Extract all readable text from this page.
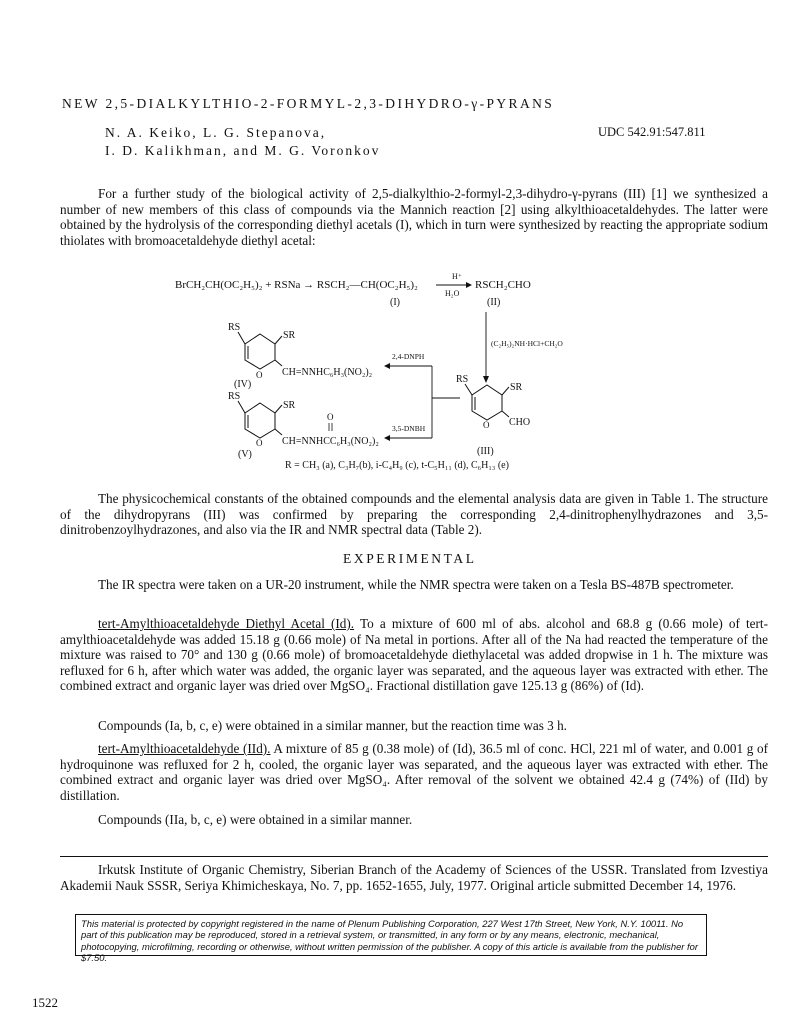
NEW 2,5-DIALKYLTHIO-2-FORMYL-2,3-DIHYDRO-γ-PYRANS
N. A. Keiko, L. G. Stepanova,
I. D. Kalikhman, and M. G. Voronkov
UDC 542.91:547.811

For a further study of the biological activity of 2,5-dialkylthio-2-formyl-2,3-dihydro-γ-pyrans (III) [1] we synthesized a number of new members of this class of compounds via the Mannich reaction [2] using alkylthioacetaldehydes. The latter were obtained by the hydrolysis of the corresponding diethyl acetals (I), which in turn were synthesized by reacting the appropriate sodium thiolates with bromoacetaldehyde diethyl acetal:

BrCH₂CH(OC₂H₅)₂ + RSNa → RSCH₂—CH(OC₂H₅)₂
H⁺
H₂O
RSCH₂CHO
(I)	(II)
(C₂H₅)₂NH·HCl+CH₂O
RS
SR
O CH=NNHC₆H₃(NO₂)₂
(IV)
2,4-DNPH
RS
SR
O
O CH=NNHCC₆H₃(NO₂)₂
(V)
3,5-DNBH
RS
SR
O CHO
(III)
R = CH₃ (a), C₃H₇(b), i-C₄H₉ (c), t-C₅H₁₁ (d), C₆H₁₃ (e)

The physicochemical constants of the obtained compounds and the elemental analysis data are given in Table 1. The structure of the dihydropyrans (III) was confirmed by preparing the corresponding 2,4-dinitrophenylhydrazones and 3,5-dinitrobenzoylhydrazones, and also via the IR and NMR spectral data (Table 2).

EXPERIMENTAL

The IR spectra were taken on a UR-20 instrument, while the NMR spectra were taken on a Tesla BS-487B spectrometer.

tert-Amylthioacetaldehyde Diethyl Acetal (Id). To a mixture of 600 ml of abs. alcohol and 68.8 g (0.66 mole) of tert-amylthioacetaldehyde was added 15.18 g (0.66 mole) of Na metal in portions. After all of the Na had reacted the temperature of the mixture was raised to 70° and 130 g (0.66 mole) of bromoacetaldehyde diethylacetal was added dropwise in 1 h. The mixture was refluxed for 6 h, after which water was added, the organic layer was separated, and the aqueous layer was extracted with ether. The combined extract and organic layer was dried over MgSO₄. Fractional distillation gave 125.13 g (86%) of (Id).

Compounds (Ia, b, c, e) were obtained in a similar manner, but the reaction time was 3 h.

tert-Amylthioacetaldehyde (IId). A mixture of 85 g (0.38 mole) of (Id), 36.5 ml of conc. HCl, 221 ml of water, and 0.001 g of hydroquinone was refluxed for 2 h, cooled, the organic layer was separated, and the aqueous layer was extracted with ether. The combined extract and organic layer was dried over MgSO₄. After removal of the solvent we obtained 42.4 g (74%) of (IId) by distillation.

Compounds (IIa, b, c, e) were obtained in a similar manner.

Irkutsk Institute of Organic Chemistry, Siberian Branch of the Academy of Sciences of the USSR. Translated from Izvestiya Akademii Nauk SSSR, Seriya Khimicheskaya, No. 7, pp. 1652-1655, July, 1977. Original article submitted December 14, 1976.

This material is protected by copyright registered in the name of Plenum Publishing Corporation, 227 West 17th Street, New York, N.Y. 10011. No part of this publication may be reproduced, stored in a retrieval system, or transmitted, in any form or by any means, electronic, mechanical, photocopying, microfilming, recording or otherwise, without written permission of the publisher. A copy of this article is available from the publisher for $7.50.

1522
